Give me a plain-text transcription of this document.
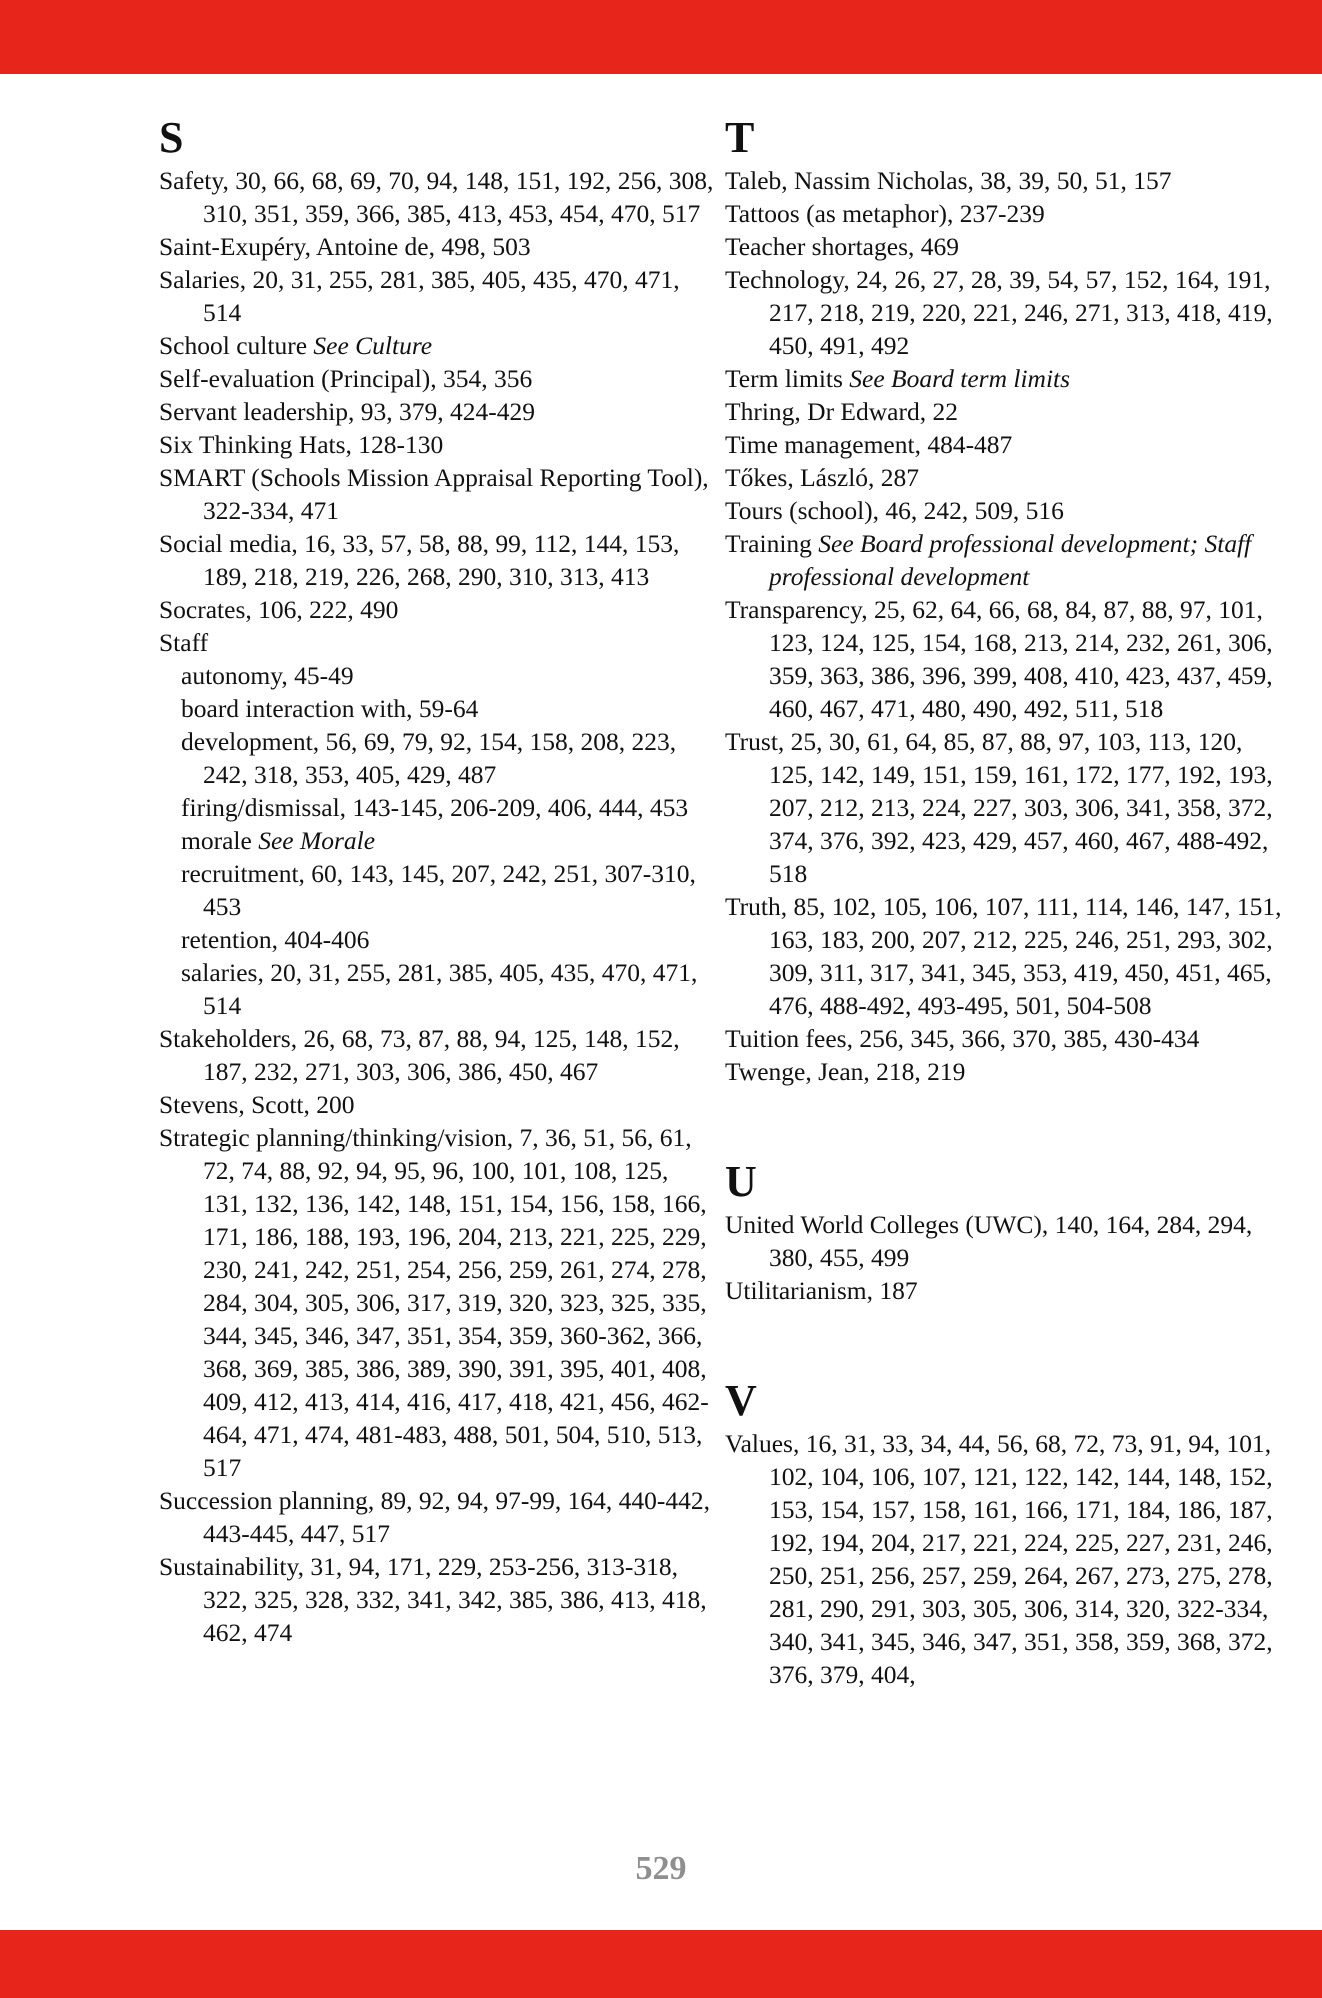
S
Safety, 30, 66, 68, 69, 70, 94, 148, 151, 192, 256, 308, 310, 351, 359, 366, 385, 413, 453, 454, 470, 517
Saint-Exupéry, Antoine de, 498, 503
Salaries, 20, 31, 255, 281, 385, 405, 435, 470, 471, 514
School culture See Culture
Self-evaluation (Principal), 354, 356
Servant leadership, 93, 379, 424-429
Six Thinking Hats, 128-130
SMART (Schools Mission Appraisal Reporting Tool), 322-334, 471
Social media, 16, 33, 57, 58, 88, 99, 112, 144, 153, 189, 218, 219, 226, 268, 290, 310, 313, 413
Socrates, 106, 222, 490
Staff
autonomy, 45-49
board interaction with, 59-64
development, 56, 69, 79, 92, 154, 158, 208, 223, 242, 318, 353, 405, 429, 487
firing/dismissal, 143-145, 206-209, 406, 444, 453
morale See Morale
recruitment, 60, 143, 145, 207, 242, 251, 307-310, 453
retention, 404-406
salaries, 20, 31, 255, 281, 385, 405, 435, 470, 471, 514
Stakeholders, 26, 68, 73, 87, 88, 94, 125, 148, 152, 187, 232, 271, 303, 306, 386, 450, 467
Stevens, Scott, 200
Strategic planning/thinking/vision, 7, 36, 51, 56, 61, 72, 74, 88, 92, 94, 95, 96, 100, 101, 108, 125, 131, 132, 136, 142, 148, 151, 154, 156, 158, 166, 171, 186, 188, 193, 196, 204, 213, 221, 225, 229, 230, 241, 242, 251, 254, 256, 259, 261, 274, 278, 284, 304, 305, 306, 317, 319, 320, 323, 325, 335, 344, 345, 346, 347, 351, 354, 359, 360-362, 366, 368, 369, 385, 386, 389, 390, 391, 395, 401, 408, 409, 412, 413, 414, 416, 417, 418, 421, 456, 462-464, 471, 474, 481-483, 488, 501, 504, 510, 513, 517
Succession planning, 89, 92, 94, 97-99, 164, 440-442, 443-445, 447, 517
Sustainability, 31, 94, 171, 229, 253-256, 313-318, 322, 325, 328, 332, 341, 342, 385, 386, 413, 418, 462, 474
T
Taleb, Nassim Nicholas, 38, 39, 50, 51, 157
Tattoos (as metaphor), 237-239
Teacher shortages, 469
Technology, 24, 26, 27, 28, 39, 54, 57, 152, 164, 191, 217, 218, 219, 220, 221, 246, 271, 313, 418, 419, 450, 491, 492
Term limits See Board term limits
Thring, Dr Edward, 22
Time management, 484-487
Tőkes, László, 287
Tours (school), 46, 242, 509, 516
Training See Board professional development; Staff professional development
Transparency, 25, 62, 64, 66, 68, 84, 87, 88, 97, 101, 123, 124, 125, 154, 168, 213, 214, 232, 261, 306, 359, 363, 386, 396, 399, 408, 410, 423, 437, 459, 460, 467, 471, 480, 490, 492, 511, 518
Trust, 25, 30, 61, 64, 85, 87, 88, 97, 103, 113, 120, 125, 142, 149, 151, 159, 161, 172, 177, 192, 193, 207, 212, 213, 224, 227, 303, 306, 341, 358, 372, 374, 376, 392, 423, 429, 457, 460, 467, 488-492, 518
Truth, 85, 102, 105, 106, 107, 111, 114, 146, 147, 151, 163, 183, 200, 207, 212, 225, 246, 251, 293, 302, 309, 311, 317, 341, 345, 353, 419, 450, 451, 465, 476, 488-492, 493-495, 501, 504-508
Tuition fees, 256, 345, 366, 370, 385, 430-434
Twenge, Jean, 218, 219
U
United World Colleges (UWC), 140, 164, 284, 294, 380, 455, 499
Utilitarianism, 187
V
Values, 16, 31, 33, 34, 44, 56, 68, 72, 73, 91, 94, 101, 102, 104, 106, 107, 121, 122, 142, 144, 148, 152, 153, 154, 157, 158, 161, 166, 171, 184, 186, 187, 192, 194, 204, 217, 221, 224, 225, 227, 231, 246, 250, 251, 256, 257, 259, 264, 267, 273, 275, 278, 281, 290, 291, 303, 305, 306, 314, 320, 322-334, 340, 341, 345, 346, 347, 351, 358, 359, 368, 372, 376, 379, 404,
529
